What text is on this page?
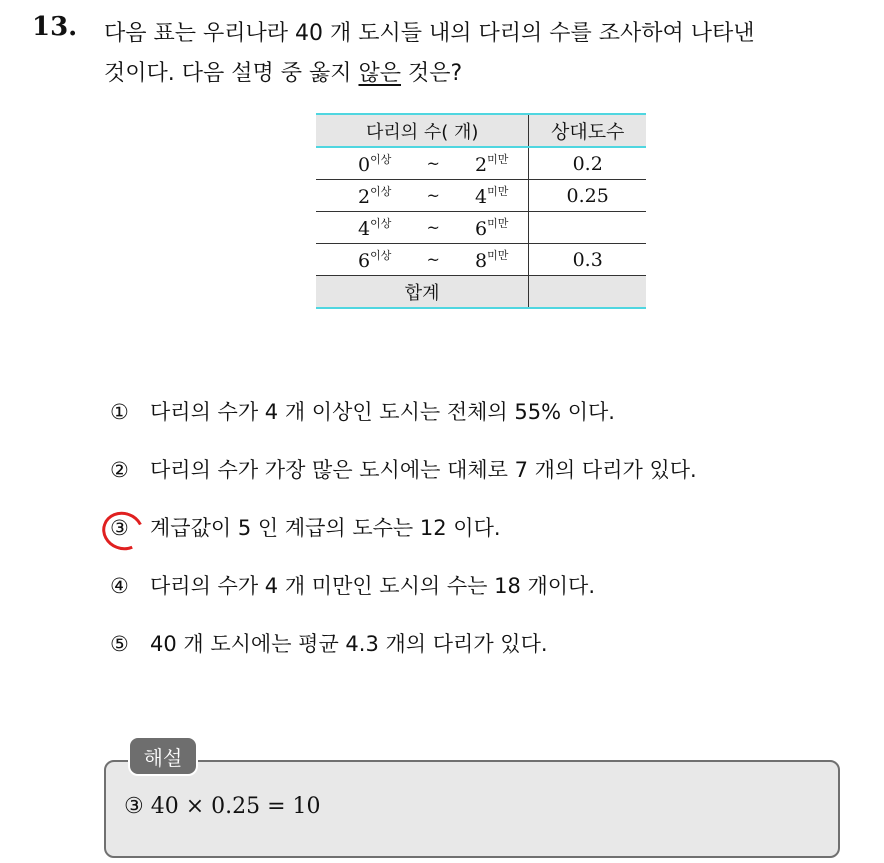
13. 다음 표는 우리나라 40 개 도시들 내의 다리의 수를 조사하여 나타낸
것이다. 다음 설명 중 옳지 않은 것은?
다리의 수( 개)	상대도수

$0^{이상}$ ~ $2^{미만}$	0.2

$2^{이상}$ ~ $4^{미만}$	0.25

$4^{이상}$ ~ $6^{미만}$

$6^{이상}$ ~ $8^{미만}$	0.3
합계	
①	다리의 수가 4 개 이상인 도시는 전체의 55% 이다.
②	다리의 수가 가장 많은 도시에는 대체로 7 개의 다리가 있다.
③	계급값이 5 인 계급의 도수는 12 이다.
④	다리의 수가 4 개 미만인 도시의 수는 18 개이다.
⑤	40 개 도시에는 평균 4.3 개의 다리가 있다.
해설
③ 40 × 0.25 = 10
